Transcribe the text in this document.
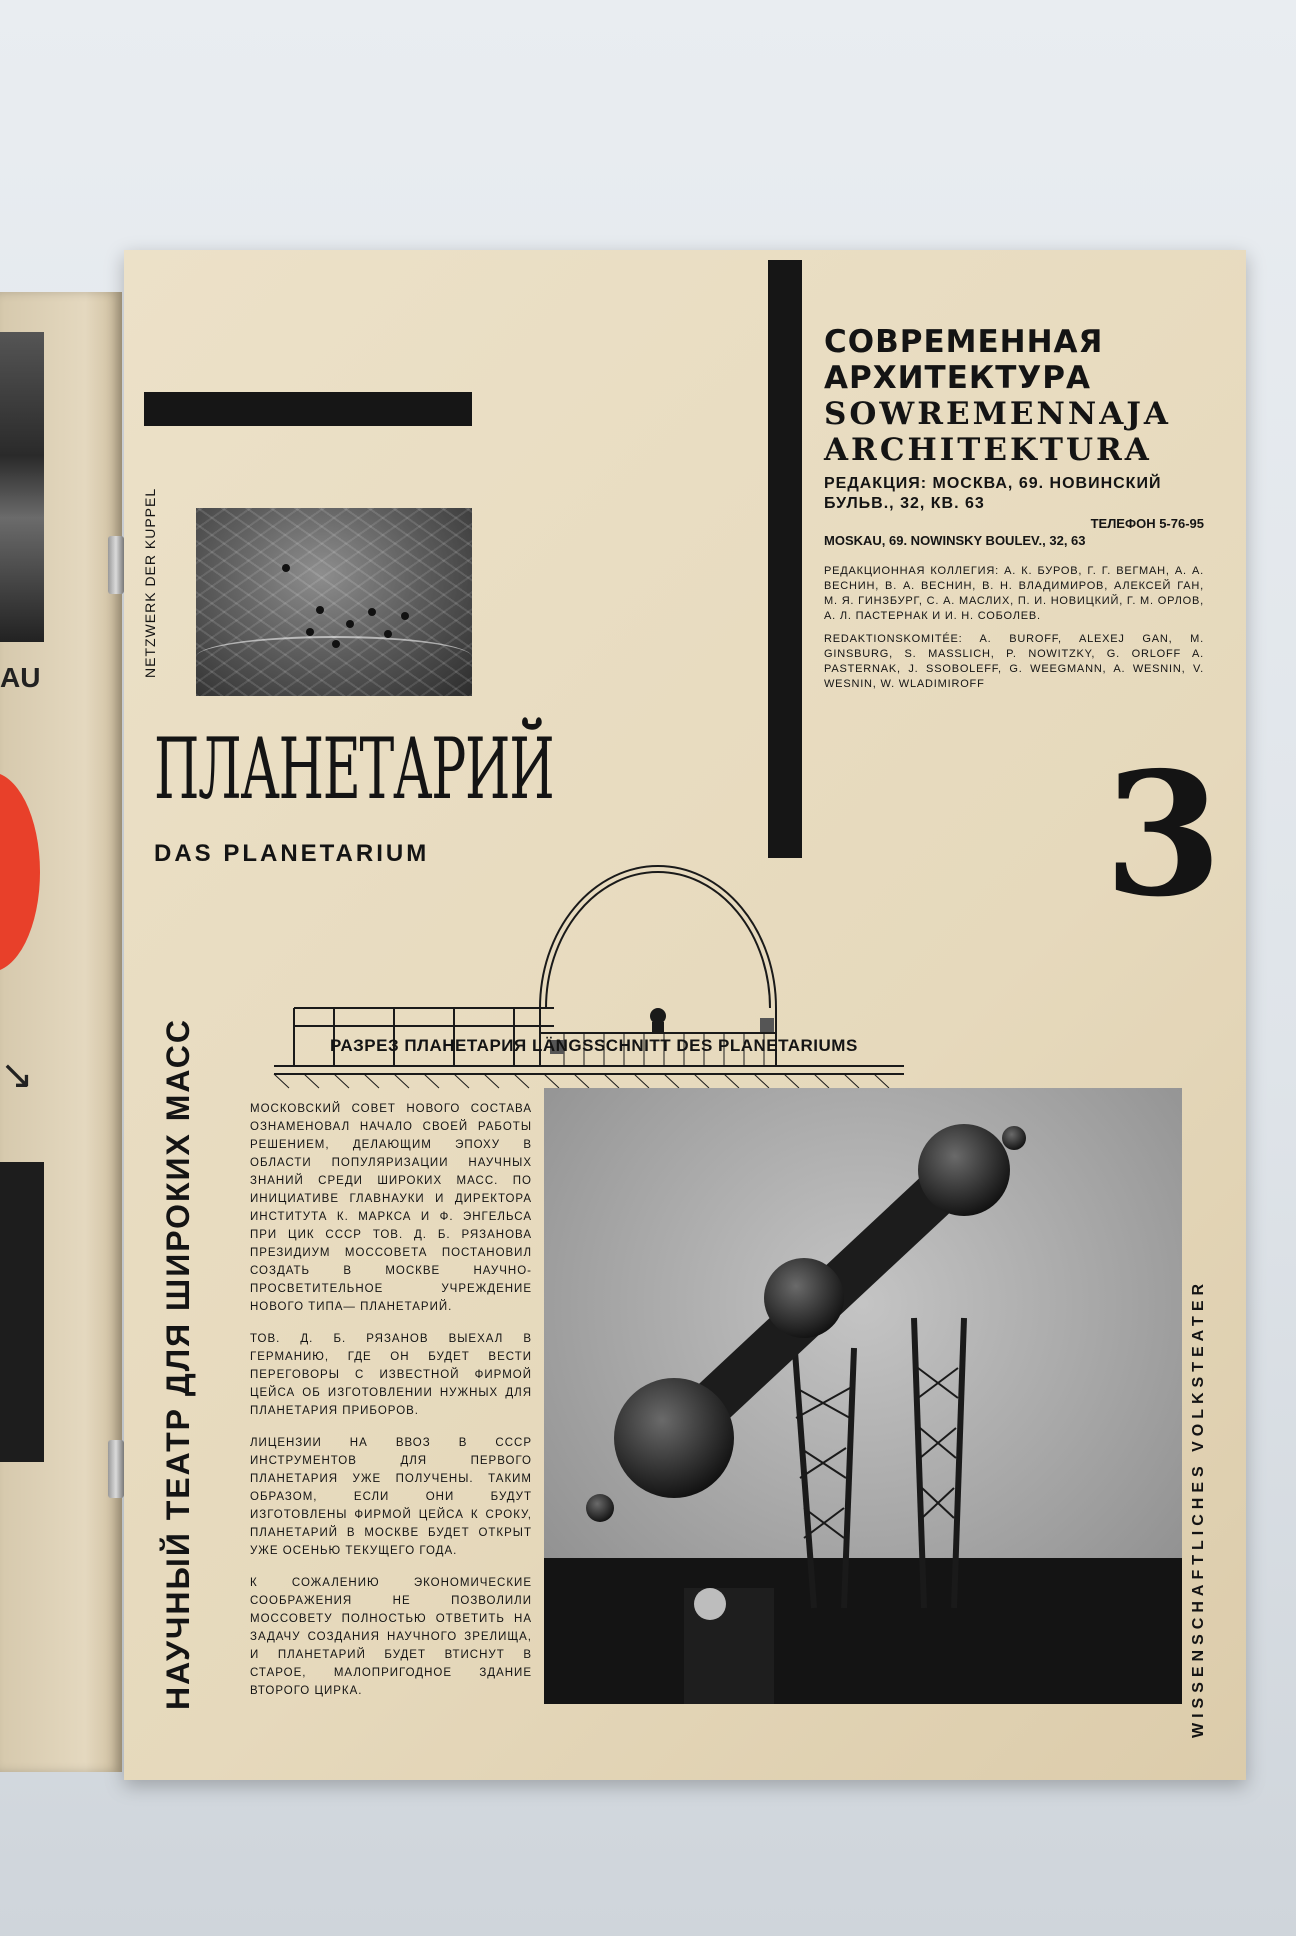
AU
↘
NETZWERK DER KUPPEL
ПЛАНЕТАРИЙ
DAS PLANETARIUM
РАЗРЕЗ ПЛАНЕТАРИЯ LÄNGSSCHNITT DES PLANETARIUMS
СОВРЕМЕННАЯ
АРХИТЕКТУРА
SOWREMENNAJA
ARCHITEKTURA
РЕДАКЦИЯ: МОСКВА, 69. НОВИНСКИЙ БУЛЬВ., 32, КВ. 63
ТЕЛЕФОН 5-76-95
MOSKAU, 69. NOWINSKY BOULEV., 32, 63
РЕДАКЦИОННАЯ КОЛЛЕГИЯ: А. К. БУРОВ, Г. Г. ВЕГМАН, А. А. ВЕСНИН, В. А. ВЕСНИН, В. Н. ВЛАДИМИРОВ, АЛЕКСЕЙ ГАН, М. Я. ГИНЗБУРГ, С. А. МАСЛИХ, П. И. НОВИЦКИЙ, Г. М. ОРЛОВ, А. Л. ПАСТЕРНАК И И. Н. СОБОЛЕВ.
REDAKTIONSKOMITÉE: A. BUROFF, ALEXEJ GAN, M. GINSBURG, S. MASSLICH, P. NOWITZKY, G. ORLOFF A. PASTERNAK, J. SSOBOLEFF, G. WEEGMANN, A. WESNIN, V. WESNIN, W. WLADIMIROFF
3
НАУЧНЫЙ ТЕАТР ДЛЯ ШИРОКИХ МАСС	МОСКОВСКИЙ СОВЕТ НОВОГО СОСТАВА ОЗНАМЕНОВАЛ НАЧАЛО СВОЕЙ РАБОТЫ РЕШЕНИЕМ, ДЕЛАЮЩИМ ЭПОХУ В ОБЛАСТИ ПОПУЛЯРИЗАЦИИ НАУЧНЫХ ЗНАНИЙ СРЕДИ ШИРОКИХ МАСС. ПО ИНИЦИАТИВЕ ГЛАВНАУКИ И ДИРЕКТОРА ИНСТИТУТА К. МАРКСА И Ф. ЭНГЕЛЬСА ПРИ ЦИК СССР ТОВ. Д. Б. РЯЗАНОВА ПРЕЗИДИУМ МОССОВЕТА ПОСТАНОВИЛ СОЗДАТЬ В МОСКВЕ НАУЧНО-ПРОСВЕТИТЕЛЬНОЕ УЧРЕЖДЕНИЕ НОВОГО ТИПА— ПЛАНЕТАРИЙ.

ТОВ. Д. Б. РЯЗАНОВ ВЫЕХАЛ В ГЕРМАНИЮ, ГДЕ ОН БУДЕТ ВЕСТИ ПЕРЕГОВОРЫ С ИЗВЕСТНОЙ ФИРМОЙ ЦЕЙСА ОБ ИЗГОТОВЛЕНИИ НУЖНЫХ ДЛЯ ПЛАНЕТАРИЯ ПРИБОРОВ.

ЛИЦЕНЗИИ НА ВВОЗ В СССР ИНСТРУМЕНТОВ ДЛЯ ПЕРВОГО ПЛАНЕТАРИЯ УЖЕ ПОЛУЧЕНЫ. ТАКИМ ОБРАЗОМ, ЕСЛИ ОНИ БУДУТ ИЗГОТОВЛЕНЫ ФИРМОЙ ЦЕЙСА К СРОКУ, ПЛАНЕТАРИЙ В МОСКВЕ БУДЕТ ОТКРЫТ УЖЕ ОСЕНЬЮ ТЕКУЩЕГО ГОДА.

К СОЖАЛЕНИЮ ЭКОНОМИЧЕСКИЕ СООБРАЖЕНИЯ НЕ ПОЗВОЛИЛИ МОССОВЕТУ ПОЛНОСТЬЮ ОТВЕТИТЬ НА ЗАДАЧУ СОЗДАНИЯ НАУЧНОГО ЗРЕЛИЩА, И ПЛАНЕТАРИЙ БУДЕТ ВТИСНУТ В СТАРОЕ, МАЛОПРИГОДНОЕ ЗДАНИЕ ВТОРОГО ЦИРКА.	WISSENSCHAFTLICHES VOLKSTEATER
